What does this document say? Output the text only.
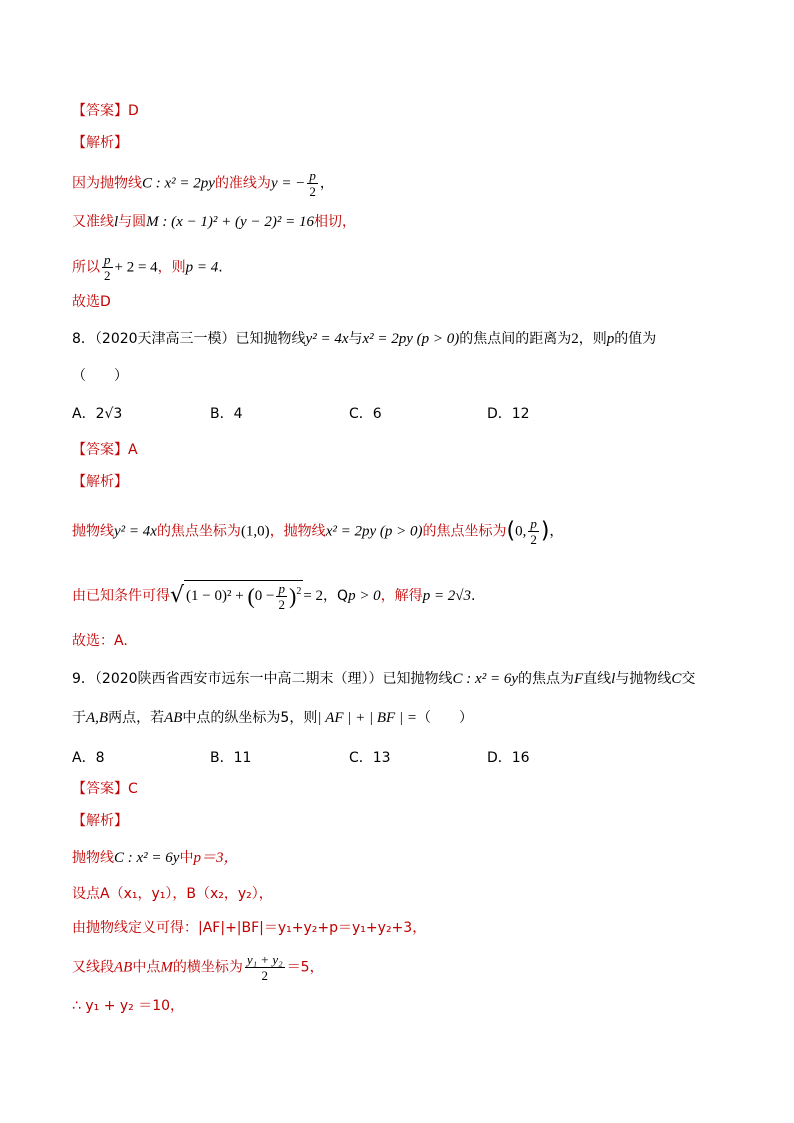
【答案】D
【解析】
因为抛物线C : x² = 2py的准线为y = − $\frac{p}{2}$ ，
又准线l与圆M : (x − 1)² + (y − 2)² = 16相切，
所以 $\frac{p}{2} + 2 = 4$，则p = 4.
故选D
8．（2020天津高三一模）已知抛物线y² = 4x与x² = 2py (p > 0)的焦点间的距离为2，则p的值为
（　　）
A．2√3	B．4	C．6	D．12
【答案】A
【解析】
抛物线y² = 4x的焦点坐标为(1,0)，抛物线x² = 2py (p > 0)的焦点坐标为(0, $\frac{p}{2}$ )，
由已知条件可得√ $(1 - 0)^2 + (0 - \frac{p}{2} )^2 = 2$，Qp > 0，解得p = 2√3.
故选：A.
9．（2020陕西省西安市远东一中高二期末（理））已知抛物线C : x² = 6y的焦点为F直线l与抛物线C交
于A,B两点，若AB中点的纵坐标为5，则| AF | + | BF | =（　　）
A．8	B．11	C．13	D．16
【答案】C
【解析】
抛物线C : x² = 6y中p＝3，
设点A（x₁，y₁），B（x₂，y₂），
由抛物线定义可得：|AF|+|BF|＝y₁+y₂+p＝y₁+y₂+3，
又线段AB中点M的横坐标为 $\frac{\text{y₁ + y₂}}{2} =5$，
∴ y₁ + y₂ ＝10，
